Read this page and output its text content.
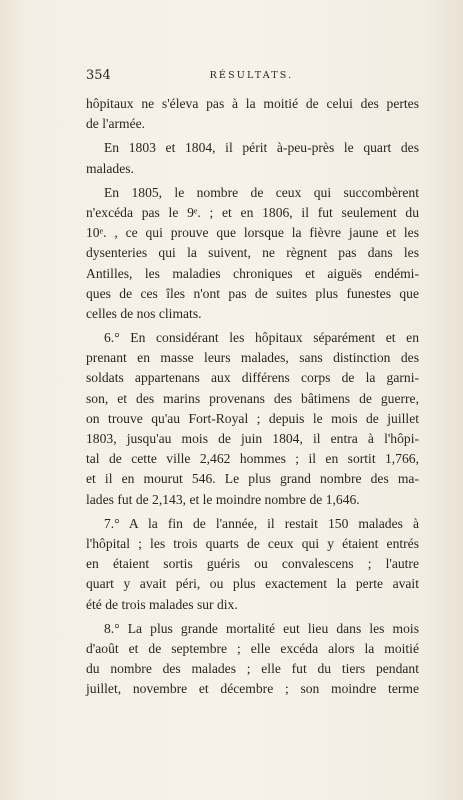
354	RÉSULTATS.
hôpitaux ne s'éleva pas à la moitié de celui des pertes
de l'armée.
En 1803 et 1804, il périt à-peu-près le quart des
malades.
En 1805, le nombre de ceux qui succombèrent
n'excéda pas le 9ᵉ. ; et en 1806, il fut seulement du
10ᵉ. , ce qui prouve que lorsque la fièvre jaune et les
dysenteries qui la suivent, ne règnent pas dans les
Antilles, les maladies chroniques et aiguës endémi-
ques de ces îles n'ont pas de suites plus funestes que
celles de nos climats.
6.° En considérant les hôpitaux séparément et en
prenant en masse leurs malades, sans distinction des
soldats appartenans aux différens corps de la garni-
son, et des marins provenans des bâtimens de guerre,
on trouve qu'au Fort-Royal ; depuis le mois de juillet
1803, jusqu'au mois de juin 1804, il entra à l'hôpi-
tal de cette ville 2,462 hommes ; il en sortit 1,766,
et il en mourut 546. Le plus grand nombre des ma-
lades fut de 2,143, et le moindre nombre de 1,646.
7.° A la fin de l'année, il restait 150 malades à
l'hôpital ; les trois quarts de ceux qui y étaient entrés
en étaient sortis guéris ou convalescens ; l'autre
quart y avait péri, ou plus exactement la perte avait
été de trois malades sur dix.
8.° La plus grande mortalité eut lieu dans les mois
d'août et de septembre ; elle excéda alors la moitié
du nombre des malades ; elle fut du tiers pendant
juillet, novembre et décembre ; son moindre terme
